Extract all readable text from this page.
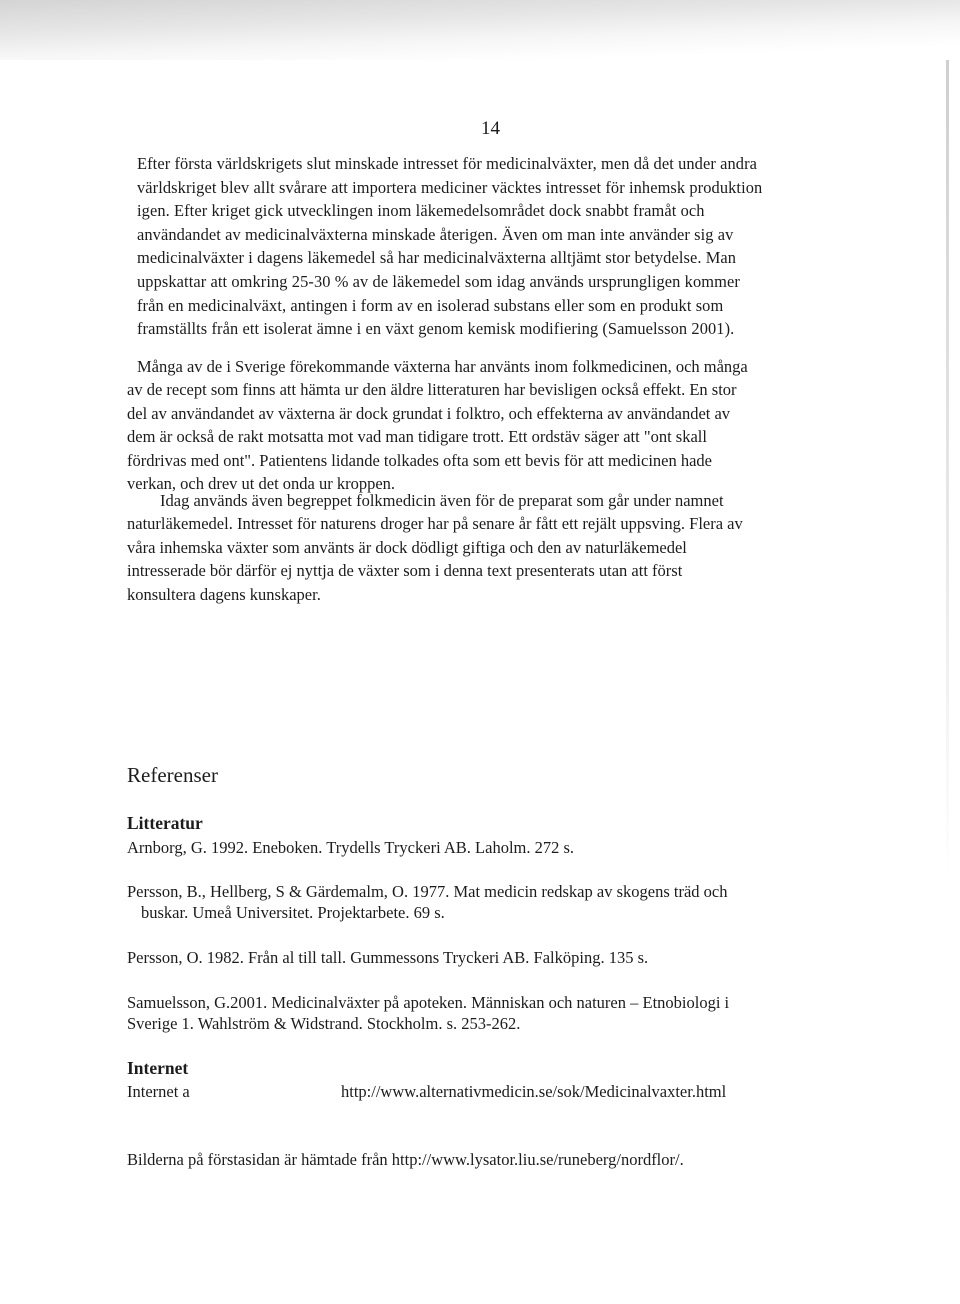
14

Efter första världskrigets slut minskade intresset för medicinalväxter, men då det under andra
världskriget blev allt svårare att importera mediciner väcktes intresset för inhemsk produktion
igen. Efter kriget gick utvecklingen inom läkemedelsområdet dock snabbt framåt och
användandet av medicinalväxterna minskade återigen. Även om man inte använder sig av
medicinalväxter i dagens läkemedel så har medicinalväxterna alltjämt stor betydelse. Man
uppskattar att omkring 25-30 % av de läkemedel som idag används ursprungligen kommer
från en medicinalväxt, antingen i form av en isolerad substans eller som en produkt som
framställts från ett isolerat ämne i en växt genom kemisk modifiering (Samuelsson 2001).

Många av de i Sverige förekommande växterna har använts inom folkmedicinen, och många
av de recept som finns att hämta ur den äldre litteraturen har bevisligen också effekt. En stor
del av användandet av växterna är dock grundat i folktro, och effekterna av användandet av
dem är också de rakt motsatta mot vad man tidigare trott. Ett ordstäv säger att "ont skall
fördrivas med ont". Patientens lidande tolkades ofta som ett bevis för att medicinen hade
verkan, och drev ut det onda ur kroppen.

Idag används även begreppet folkmedicin även för de preparat som går under namnet
naturläkemedel. Intresset för naturens droger har på senare år fått ett rejält uppsving. Flera av
våra inhemska växter som använts är dock dödligt giftiga och den av naturläkemedel
intresserade bör därför ej nyttja de växter som i denna text presenterats utan att först
konsultera dagens kunskaper.

Referenser
Litteratur
Arnborg, G. 1992. Eneboken. Trydells Tryckeri AB. Laholm. 272 s.
Persson, B., Hellberg, S & Gärdemalm, O. 1977. Mat medicin redskap av skogens träd och
buskar. Umeå Universitet. Projektarbete. 69 s.
Persson, O. 1982. Från al till tall. Gummessons Tryckeri AB. Falköping. 135 s.
Samuelsson, G.2001. Medicinalväxter på apoteken. Människan och naturen – Etnobiologi i
Sverige 1. Wahlström & Widstrand. Stockholm. s. 253-262.
Internet
Internet a	http://www.alternativmedicin.se/sok/Medicinalvaxter.html
Bilderna på förstasidan är hämtade från http://www.lysator.liu.se/runeberg/nordflor/.
